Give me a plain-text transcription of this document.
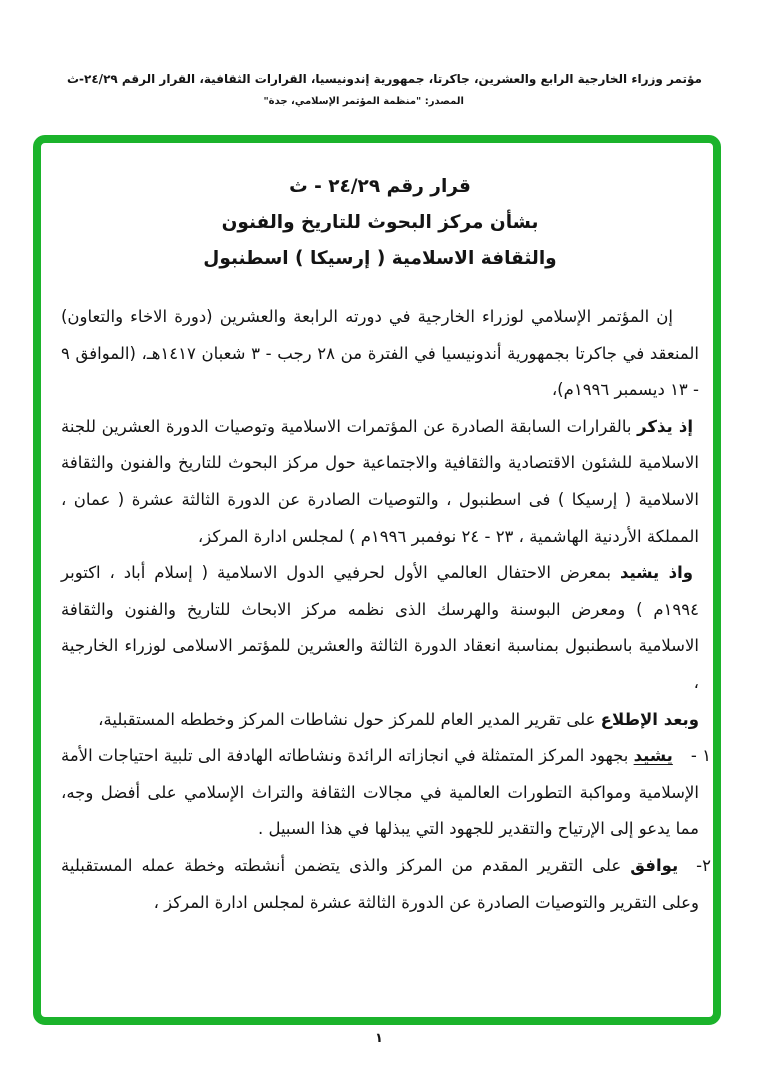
مؤتمر وزراء الخارجية الرابع والعشرين، جاكرتا، جمهورية إندونيسيا، القرارات الثقافية، القرار الرقم ٢٤/٢٩-ث
المصدر: "منظمة المؤتمر الإسلامي، جدة"
قرار رقم ٢٤/٢٩ - ث
بشأن مركز البحوث للتاريخ والفنون
والثقافة الاسلامية ( إرسيكا ) اسطنبول

إن المؤتمر الإسلامي لوزراء الخارجية في دورته الرابعة والعشرين (دورة الاخاء والتعاون) المنعقد في جاكرتا بجمهورية أندونيسيا في الفترة من ٢٨ رجب - ٣ شعبان ١٤١٧هـ، (الموافق ٩ - ١٣ ديسمبر ١٩٩٦م)،

إذ يذكر بالقرارات السابقة الصادرة عن المؤتمرات الاسلامية وتوصيات الدورة العشرين للجنة الاسلامية للشئون الاقتصادية والثقافية والاجتماعية حول مركز البحوث للتاريخ والفنون والثقافة الاسلامية ( إرسيكا ) فى اسطنبول ، والتوصيات الصادرة عن الدورة الثالثة عشرة ( عمان ، المملكة الأردنية الهاشمية ، ٢٣ - ٢٤ نوفمبر ١٩٩٦م ) لمجلس ادارة المركز،

واذ يشيد بمعرض الاحتفال العالمي الأول لحرفيي الدول الاسلامية ( إسلام أباد ، اكتوبر ١٩٩٤م ) ومعرض البوسنة والهرسك الذى نظمه مركز الابحاث للتاريخ والفنون والثقافة الاسلامية باسطنبول بمناسبة انعقاد الدورة الثالثة والعشرين للمؤتمر الاسلامى لوزراء الخارجية ،

وبعد الإطلاع على تقرير المدير العام للمركز حول نشاطات المركز وخططه المستقبلية،

١ -يشيد بجهود المركز المتمثلة في انجازاته الرائدة ونشاطاته الهادفة الى تلبية احتياجات الأمة الإسلامية ومواكبة التطورات العالمية في مجالات الثقافة والتراث الإسلامي على أفضل وجه، مما يدعو إلى الإرتياح والتقدير للجهود التي يبذلها في هذا السبيل .

٢-يوافق على التقرير المقدم من المركز والذى يتضمن أنشطته وخطة عمله المستقبلية وعلى التقرير والتوصيات الصادرة عن الدورة الثالثة عشرة لمجلس ادارة المركز ،

١
